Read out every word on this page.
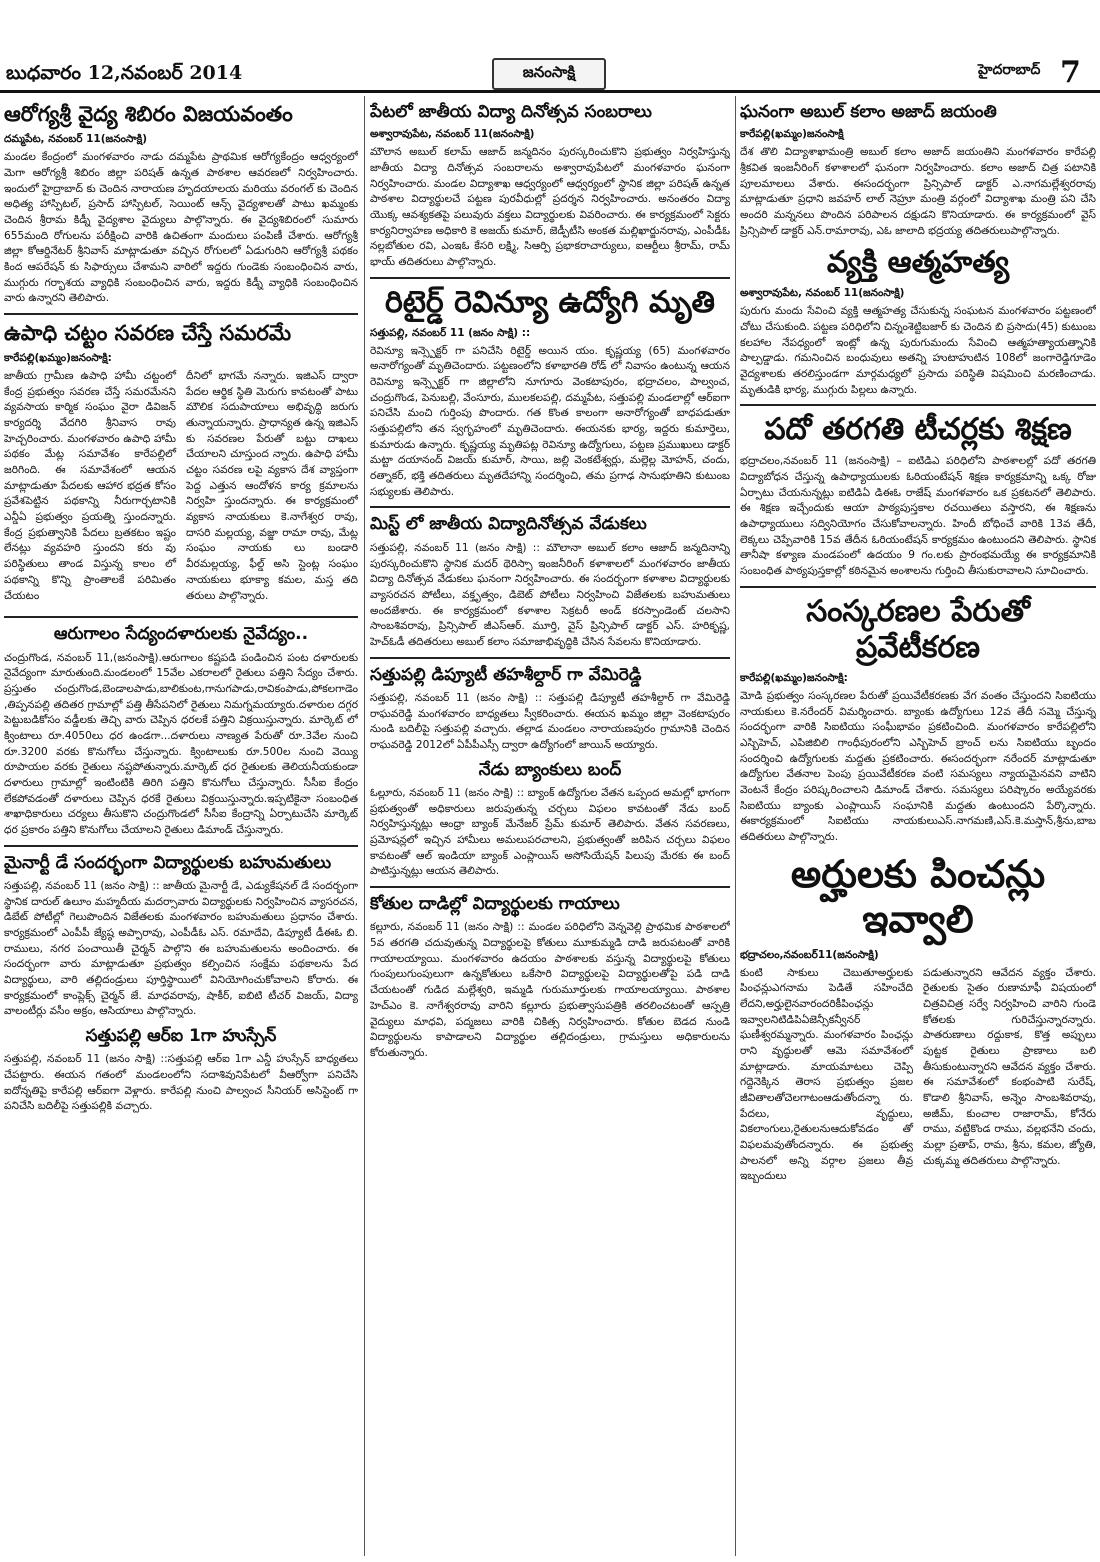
బుధవారం 12,నవంబర్ 2014	జనంసాక్షి	హైదరాబాద్ 7
ఆరోగ్యశ్రీ వైద్య శిబిరం విజయవంతం
దమ్మపేట, నవంబర్ 11(జనంసాక్షి)

మండల కేంద్రంలో మంగళవారం నాడు దమ్మపేట ప్రాథమిక ఆరోగ్యకేంద్రం ఆధ్వర్యంలో మెగా ఆరోగ్యశ్రీ శిబిరం జిల్లా పరిషత్ ఉన్నత పాఠశాల ఆవరణలో నిర్వహించారు. ఇందులో హైద్రాబాద్ కు చెందిన నారాయణ హృదయాలయ మరియు వరంగల్ కు చెందిన అధిత్య హాస్పిటల్, ప్రసాద్ హాస్పిటల్, సెయింట్ ఆన్స్ వైద్యశాలతో పాటు ఖమ్మంకు చెందిన శ్రీరామ కిడ్నీ వైద్యశాల వైద్యులు పాల్గొన్నారు. ఈ వైద్యశిబిరంలో సుమారు 655మంది రోగులను పరీక్షించి వారికి ఉచితంగా మందులు పంపిణీ చేశారు. ఆరోగ్యశ్రీ జిల్లా కోఆర్డినేటర్ శ్రీనివాస్ మాట్లాడుతూ వచ్చిన రోగులలో ఏడుగురిని ఆరోగ్యశ్రీ పథకం కింద ఆపరేషన్ కు సిఫార్సులు చేశామని వారిలో ఇద్దరు గుండెకు సంబంధించిన వారు, ముగ్గురు గర్భాశయ వ్యాధికి సంబంధించిన వారు, ఇద్దరు కిడ్నీ వ్యాధికి సంబంధించిన వారు ఉన్నారని తెలిపారు.

ఉపాధి చట్టం సవరణ చేస్తే సమరమే
కారేపల్లి(ఖమ్మం)జనంసాక్షి:

జాతీయ గ్రామీణ ఉపాధి హామీ చట్టంలో కేంద్ర ప్రభుత్వం సవరణ చేస్తే సమరమేనని వ్యవసాయ కార్మిక సంఘం వైరా డివిజన్ కార్యదర్శి వేదగిరి శ్రీనివాస రావు హెచ్చరించారు. మంగళవారం ఉపాధి హామీ పథకం మేట్ల సమావేశం కారేపల్లిలో జరిగింది. ఈ సమావేశంలో ఆయన మాట్లాడుతూ పేదలకు ఆహార భద్రత కోసం ప్రవేశపెట్టిన పథకాన్ని నీరుగార్చటానికి ఎన్డీఏ ప్రభుత్వం ప్రయత్ని స్తుందన్నారు. కేంద్ర ప్రభుత్వానికి పేదలు బ్రతకటం ఇష్టం లేనట్లు వ్యవహరి స్తుందని కరు వు పరిస్థితులు తాండ విస్తున్న కాలం లో పథకాన్ని కొన్ని ప్రాంతాలకే పరిమితం చేయటం

దీనిలో భాగమే నన్నారు. ఇజిఎస్ ద్వారా పేదల ఆర్థిక స్థితి మెరుగు కావటంతో పాటు మౌలిక సదుపాయాలు అభివృద్ధి జరుగు తున్నాయన్నారు. ప్రాధాన్యత ఉన్న ఇజిఎస్ కు సవరణల పేరుతో బట్టు దాఖలు చేయాలని చూస్తుంద న్నారు. ఉపాధి హామీ చట్టం సవరణ లపై వ్యకాస దేశ వ్యాప్తంగా పెద్ద ఎత్తున ఆందోళన కార్య క్రమాలను నిర్వహి స్తుందన్నారు. ఈ కార్యక్రమంలో వ్యకాస నాయకులు కె.నాగేశ్వర రావు, దాసరి మల్లయ్య, వజ్జా రామా రావు, మేట్ల సంఘం నాయకు లు బండారి వీరమల్లయ్య, ఫీల్డ్ అసి స్టెంట్ల సంఘం నాయకులు భూక్యా కమల, మస్త తది తరులు పాల్గొన్నారు.

ఆరుగాలం సేద్యందళారులకు నైవేద్యం..

చంద్రుగొండ, నవంబర్ 11,(జనంసాక్షి).ఆరుగాలం కష్టపడి పండించిన పంట దళారులకు నైవేద్యంగా మారుతుంది.మండలంలో 15వేల ఎకరాలలో రైతులు పత్తిని సేద్యం చేశారు. ప్రస్తుతం చంద్రుగొండ,బెండాలపాడు,బాలికుంట,గానుగపాడు,రావికంపాడు,పోకలగాడెం ,తిప్పనపల్లి తదితర గ్రామాల్లో పత్తి తీసేపనిలో రైతులు నిమగ్నమయ్యారు.దళారుల దగ్గర పెట్టుబడికోసం వడ్డీలకు తెచ్చి వారు చెప్పిన ధరలకే పత్తిని విక్రయిస్తున్నారు. మార్కెట్ లో క్వింటాలు రూ.4050లు ధర ఉండగా...దళారులు నాణ్యత పేరుతో రూ.3వేల నుంచి రూ.3200 వరకు కొనుగోలు చేస్తున్నారు. క్వింటాలుకు రూ.500ల నుంచి వెయ్యి రూపాయల వరకు రైతులు నష్టపోతున్నారు.మార్కెట్ ధర రైతులకు తెలియనీయకుండా దళారులు గ్రామాల్లో ఇంటింటికి తిరిగి పత్తిని కొనుగోలు చేస్తున్నారు. సీసీఐ కేంద్రం లేకపోవడంతో దళారులు చెప్పిన ధరకే రైతులు విక్రయిస్తున్నారు.ఇప్పటికైనా సంబంధిత శాఖాధికారులు చర్యలు తీసుకొని చంద్రుగొండలో సీసీఐ కేంద్రాన్ని ఏర్పాటుచేసి మార్కెట్ ధర ప్రకారం పత్తిని కొనుగోలు చేయాలని రైతులు డిమాండ్ చేస్తున్నారు.

మైనార్టీ డే సందర్భంగా విద్యార్థులకు బహుమతులు

సత్తుపల్లి, నవంబర్ 11 (జనం సాక్షి) :: జాతీయ మైనార్టీ డే, ఎడ్యుకేషనల్ డే సందర్భంగా స్థానిక దారుల్ ఉలూం మహ్మదీయ మదర్సావారు విద్యార్థులకు నిర్వహించిన వ్యాసరచన, డిబేట్ పోటీల్లో గెలుపొందిన విజేతలకు మంగళవారం బహుమతులు ప్రధానం చేశారు. కార్యక్రమంలో ఎంపీపీ జ్యేష్ఠ అప్పారావు, ఎంపీడీఓ ఎస్. రమాదేవి, డిప్యూటీ డీఈఓ బి. రాములు, నగర పంచాయితీ చైర్మన్ పాల్గొని ఈ బహుమతులను అందించారు. ఈ సందర్భంగా వారు మాట్లాడుతూ ప్రభుత్వం కల్పించిన సంక్షేమ పథకాలను పేద విద్యార్థులు, వారి తల్లిదండ్రులు పూర్తిస్థాయిలో వినియోగించుకోవాలని కోరారు. ఈ కార్యక్రమంలో కాంప్లెక్స్ చైర్మన్ జే. మాధవరావు, షాకీర్, ఐబిటి టీచర్ విజయ్, విద్యా వాలంటీర్లు వసీం అక్రం, ఆసియాలు పాల్గొన్నారు.

సత్తుపల్లి ఆర్ఐ 1గా హుస్సేన్

సత్తుపల్లి, నవంబర్ 11 (జనం సాక్షి) ::సత్తుపల్లి ఆర్ఐ 1గా ఎన్డీ హుస్సేన్ బాధ్యతలు చేపట్టారు. ఈయన గతంలో మండలంలోని సదాశివునిపేటలో వీఆర్వోగా పనిచేసి ఐదోన్నతిపై కారేపల్లి ఆర్ఐగా వెళ్లారు. కారేపల్లి నుంచి పాల్వంచ సీనియర్ అసిస్టెంట్ గా పనిచేసి బదిలీపై సత్తుపల్లికి వచ్చారు.

పేటలో జాతీయ విద్యా దినోత్సవ సంబరాలు
అశ్వారావుపేట, నవంబర్ 11(జనంసాక్షి)

మౌలాన అబుల్ కలామ్ ఆజాద్ జన్మదినం పురస్కరించుకొని ప్రభుత్వం నిర్వహిస్తున్న జాతీయ విద్యా దినోత్సవ సంబరాలను అశ్వారావుపేటలో మంగళవారం ఘనంగా నిర్వహించారు. మండల విద్యాశాఖ ఆధ్వర్యంలో ఆధ్వర్యంలో స్థానిక జిల్లా పరిషత్ ఉన్నత పాఠశాల విద్యార్థులచే పట్టణ పురవీధుల్లో ప్రదర్శన నిర్వహించారు. అనంతరం విద్యా యొక్క ఆవశ్యకతపై పలువురు వక్తలు విద్యార్థులకు వివరించారు. ఈ కార్యక్రమంలో సెక్టరు కార్యనిర్వాహణ అధికారి కె అజయ్ కుమార్, జెడ్పీటీసి అంకత మల్లిఖార్జునరావు, ఎంపీడీఓ నల్లబోతుల రవి, ఎంఇఓ కేసరి లక్ష్మి, సిఆర్పి ప్రభాకరాచార్యులు, ఐఆర్టీలు శ్రీరామ్, రామ్ భాయ్ తదితరులు పాల్గొన్నారు.

రిటైర్డ్ రెవిన్యూ ఉద్యోగి మృతి
సత్తుపల్లి, నవంబర్ 11 (జనం సాక్షి) ::

రెవిన్యూ ఇన్స్పెక్టర్ గా పనిచేసి రిటైర్డ్ అయిన యం. కృష్ణయ్య (65) మంగళవారం అనారోగ్యంతో మృతిచెందారు. పట్టణంలోని కళాభారతి రోడ్ లో నివాసం ఉంటున్న ఆయన రెవిన్యూ ఇన్స్పెక్టర్ గా జిల్లాలోని నూగూరు వెంకటాపురం, భద్రాచలం, పాల్వంచ, చంద్రుగొండ, పెనుబల్లి, వేంసూరు, ములకలపల్లి, దమ్మపేట, సత్తుపల్లి మండలాల్లో ఆర్ఐగా పనిచేసి మంచి గుర్తింపు పొందారు. గత కొంత కాలంగా అనారోగ్యంతో బాధపడుతూ సత్తుపల్లిలోని తన స్వగృహంలో మృతిచెందారు. ఈయనకు భార్య, ఇద్దరు కుమార్తెలు, కుమారుడు ఉన్నారు. కృష్ణయ్య మృతిపట్ల రెవిన్యూ ఉద్యోగులు, పట్టణ ప్రముఖులు డాక్టర్ మట్టా దయానంద్ విజయ్ కుమార్, సాయి, జల్లి వెంకటేశ్వర్లు, మల్లెల్ల మోహన్, చందు, రత్నాకర్, భక్తి తదితరులు మృతదేహాన్ని సందర్శించి, తమ ప్రగాఢ సానుభూతిని కుటుంబ సభ్యులకు తెలిపారు.

మిస్ట్ లో జాతీయ విద్యాదినోత్సవ వేడుకలు

సత్తుపల్లి, నవంబర్ 11 (జనం సాక్షి) :: మౌలానా అబుల్ కలాం ఆజాద్ జన్మదినాన్ని పురస్కరించుకొని స్థానిక మదర్ థెరిస్సా ఇంజనీరింగ్ కళాశాలలో మంగళవారం జాతీయ విద్యా దినోత్సవ వేడుకలు ఘనంగా నిర్వహించారు. ఈ సందర్భంగా కళాశాల విద్యార్థులకు వ్యాసరచన పోటీలు, వక్తృత్వం, డిబెట్ పోటీలు నిర్వహించి విజేతలకు బహుమతులు అందజేశారు. ఈ కార్యక్రమంలో కళాశాల సెక్రటరీ అండ్ కరస్పాండెంట్ చలసాని సాంబశివరావు, ప్రిన్సిపాల్ జీఎస్ఆర్. మూర్తి, వైస్ ప్రిన్సిపాల్ డాక్టర్ ఎస్. హరికృష్ణ, హెచ్ఓడీ తదితరులు అబుల్ కలాం సమాజాభివృద్ధికి చేసిన సేవలను కొనియాడారు.

సత్తుపల్లి డిప్యూటీ తహశీల్దార్ గా వేమిరెడ్డి

సత్తుపల్లి, నవంబర్ 11 (జనం సాక్షి) :: సత్తుపల్లి డిప్యూటీ తహశీల్దార్ గా వేమిరెడ్డి రాఘవరెడ్డి మంగళవారం బాధ్యతలు స్వీకరించారు. ఈయన ఖమ్మం జిల్లా వెంకటాపురం నుండి బదిలీపై సత్తుపల్లి వచ్చారు. తల్లాడ మండలం నారాయణపురం గ్రామానికి చెందిన రాఘవరెడ్డి 2012లో ఏపీపీఎస్సీ ద్వారా ఉద్యోగంలో జాయిన్ అయ్యారు.

నేడు బ్యాంకులు బంద్

ఓల్లూరు, నవంబర్ 11 (జనం సాక్షి) :: బ్యాంక్ ఉద్యోగుల వేతన ఒప్పంద అమల్లో భాగంగా ప్రభుత్వంతో అధికారులు జరుపుతున్న చర్చలు విఫలం కావటంతో నేడు బంద్ నిర్వహిస్తున్నట్లు ఆంధ్రా బ్యాంక్ మేనేజర్ ప్రేమ్ కుమార్ తెలిపారు. వేతన సవరణలు, ప్రమోషన్లలో ఇచ్చిన హామీలు అమలుపరచాలని, ప్రభుత్వంతో జరిపిన చర్చలు విఫలం కావటంతో ఆల్ ఇండియా బ్యాంక్ ఎంప్లాయిస్ అసోసియేషన్ పిలుపు మేరకు ఈ బంద్ పాటిస్తున్నట్లు ఆయన తెలిపారు.

కోతుల దాడిల్లో విద్యార్థులకు గాయాలు

కల్లూరు, నవంబర్ 11 (జనం సాక్షి) :: మండల పరిధిలోని వెన్నవెల్లి ప్రాథమిక పాఠశాలలో 5వ తరగతి చదువుతున్న విద్యార్థులపై కోతులు మూకుమ్మడి దాడి జరుపటంతో వారికి గాయాలయ్యాయి. మంగళవారం ఉదయం పాఠశాలకు వస్తున్న విద్యార్థులపై కోతులు గుంపులుగుంపులుగా ఉన్నకోతులు ఒకేసారి విద్యార్థులపై విద్యార్థులతోపై పడి దాడి చేయటంతో గుడిద మల్లేశ్వరి, ఇమ్మడి గురుమూర్తులకు గాయాలయ్యాయి. పాఠశాల హెచ్ఎం కె. నాగేశ్వరరావు వారిని కల్లూరు ప్రభుత్వాసుపత్రికి తరలించటంతో ఆస్పత్రి వైద్యులు మాధవి, పద్మజలు వారికి చికిత్స నిర్వహించారు. కోతుల బెడద నుండి విద్యార్థులను కాపాడాలని విద్యార్థుల తల్లిదండ్రులు, గ్రామస్తులు అధికారులను కోరుతున్నారు.

ఘనంగా అబుల్ కలాం అజాద్ జయంతి
కారేపల్లి(ఖమ్మం)జనంసాక్షి

దేశ తొలి విద్యాశాఖామంత్రి అబుల్ కలాం అజాద్ జయంతిని మంగళవారం కారేపల్లి శ్రీకవిత ఇంజనీరింగ్ కళాశాలలో ఘనంగా నిర్వహించారు. కలాం అజాద్ చిత్ర పటానికి పూలమాలలు వేశారు. ఈసందర్భంగా ప్రిన్సిపాల్ డాక్టర్ ఎ.నాగమల్లేశ్వరరావు మాట్లాడుతూ ప్రధాని జవహర్ లాల్ నెహ్రూ మంత్రి వర్గంలో విద్యాశాఖ మంత్రి పని చేసి అందరి మన్ననలు పొందిన పరిపాలన దక్షుడని కొనియాడారు. ఈ కార్యక్రమంలో వైస్ ప్రిన్సిపాల్ డాక్టర్ ఎన్.రామారావు, ఎఓ జాలాది భద్రయ్య తదితరులుపాల్గొన్నారు.

వ్యక్తి ఆత్మహత్య
అశ్వారావుపేట, నవంబర్ 11(జనంసాక్షి)

పురుగు మందు సేవించి వ్యక్తి ఆత్మహత్య చేసుకున్న సంఘటన మంగళవారం పట్టణంలో చోటు చేసుకుంది. పట్టణ పరిధిలోని చిన్నంశెట్టిబజార్ కు చెందిన బి ప్రసాదు(45) కుటుంబ కలహాల నేపధ్యంలో ఇంట్లో ఉన్న పురుగుమందు సేవించి ఆత్మహత్యాయత్నానికి పాల్పడ్డాడు. గమనించిన బంధువులు అతన్ని హుటాహుటిన 108లో జంగారెడ్డిగూడెం వైద్యశాలకు తరలిస్తుండగా మార్గమధ్యలో ప్రసాదు పరిస్థితి విషమించి మరణించాడు. మృతుడికి భార్య, ముగ్గురు పిల్లలు ఉన్నారు.

పదో తరగతి టీచర్లకు శిక్షణ

భద్రాచలం,నవంబర్ 11 (జనంసాక్షి) – ఐటిడిఎ పరిధిలోని పాఠశాలల్లో పదో తరగతి విద్యాబోధన చేస్తున్న ఉపాధ్యాయులకు ఓరియంటేషన్ శిక్షణ కార్యక్రమాన్ని ఒక్క రోజు ఏర్పాటు చేయనున్నట్లు ఐటిడిఏ డిఈఓ రాజేష్ మంగళవారం ఒక ప్రకటనలో తెలిపారు. ఈ శిక్షణ ఇచ్చేందుకు ఆయా పాఠ్యపుస్తకాల రచయితలు వస్తారని, ఈ శిక్షణను ఉపాధ్యాయులు సద్వినియోగం చేసుకోవాలన్నారు. హిందీ బోధించే వారికి 13వ తేదీ, లెక్కలు చెప్పేవారికి 15వ తేదీన ఓరియంటేషన్ కార్యక్రమం ఉంటుందని తెలిపారు. స్థానిక తానీషా కళ్యాణ మండపంలో ఉదయం 9 గం.లకు ప్రారంభమయ్యే ఈ కార్యక్రమానికి సంబంధిత పాఠ్యపుస్తకాల్లో కఠినమైన అంశాలను గుర్తించి తీసుకురావాలని సూచించారు.

సంస్కరణల పేరుతో ప్రవేటీకరణ
కారేపల్లి(ఖమ్మం)జనంసాక్షి:

మోడి ప్రభుత్వం సంస్కరణల పేరుతో ప్రయివేటీకరణకు వేగ వంతం చేస్తుందని సిఐటియు నాయకులు కె.నరేందర్ విమర్శించారు. బ్యాంకు ఉద్యోగులు 12వ తేదీ సమ్మె చేస్తున్న సందర్భంగా వారికి సిఐటియు సంఘీభావం ప్రకటించింది. మంగళవారం కారేపల్లిలోని ఎస్బిహెచ్, ఎపిజిబిలి గాంధీపురంలోని ఎస్బిహెచ్ బ్రాంచ్ లను సిఐటియు బృందం సందర్శించి ఉద్యోగులకు మద్దతు ప్రకటించారు. ఈసందర్భంగా నరేందర్ మాట్లాడుతూ ఉద్యోగుల వేతనాల పెంపు ప్రయివేటీకరణ వంటి సమస్యలు న్యాయమైనవని వాటిని వెంటనే కేంద్రం పరిష్కరించాలని డిమాండ్ చేశారు. సమస్యలు పరిష్కారం అయ్యేవరకు సిఐటియు బ్యాంకు ఎంప్లాయిస్ సంఘానికి మద్దతు ఉంటుందని పేర్కొన్నారు. ఈకార్యక్రమంలో సిఐటియు నాయకులుఎస్.నాగమణి,ఎస్.కె.మస్తాన్,శ్రీను,బాబ తదితరులు పాల్గొన్నారు.

అర్హులకు పించన్లు ఇవ్వాలి
భద్రాచలం,నవంబర్11(జనంసాక్షి)

కుంటి సాకులు చెబుతూఅర్హులకు పింఛన్లుఎగనామ పెడితే సహించేది లేదని,అర్హులైనవారందరికీపింఛన్లు ఇవ్వాలనిటిడిపిఏజెన్సీకన్వీనర్ ఘణీశ్వరమ్మన్నారు. మంగళవారం పింఛన్లు రాని వృద్ధులతో ఆమె సమావేశంలో మాట్లాడారు. మాయమాటలు చెప్పి గద్దెనెక్కిన తెరాస ప్రభుత్వం ప్రజల జీవితాలతోచెలగాటంఆడుతోందన్నా రు. పేదలు, వృద్ధులు, వికలాంగులు,రైతులనుఆదుకోవడం తో విఫలమవుతోందన్నారు. ఈ ప్రభుత్వ పాలనలో అన్ని వర్గాల ప్రజలు తీవ్ర ఇబ్బందులు

పడుతున్నారని ఆవేదన వ్యక్తం చేశారు. రైతులకు సైతం రుణామాఫీ విషయంలో చిత్రవిచిత్ర సర్వే నిర్వహించి వారిని గుండె కోతలకు గురిచేస్తున్నారన్నారు. పాతరుణాలు రద్దుకాక, కొత్త అప్పులు పుట్టక రైతులు ప్రాణాలు బలి తీసుకుంటున్నారని ఆవేదన వ్యక్తం చేశారు. ఈ సమావేశంలో కంభంపాటి సురేష్, కొడాలి శ్రీనివాస్, అన్నెం సాంబశివరావు, అజీమ్, కుంచాల రాజారామ్, కోనేరు రాము, వట్టికొండ రాము, వల్లభనేని చందు, మల్లా ప్రతాప్, రామ, శ్రీను, కమల, జ్యోతి, చుక్కమ్మ తదితరులు పాల్గొన్నారు.
